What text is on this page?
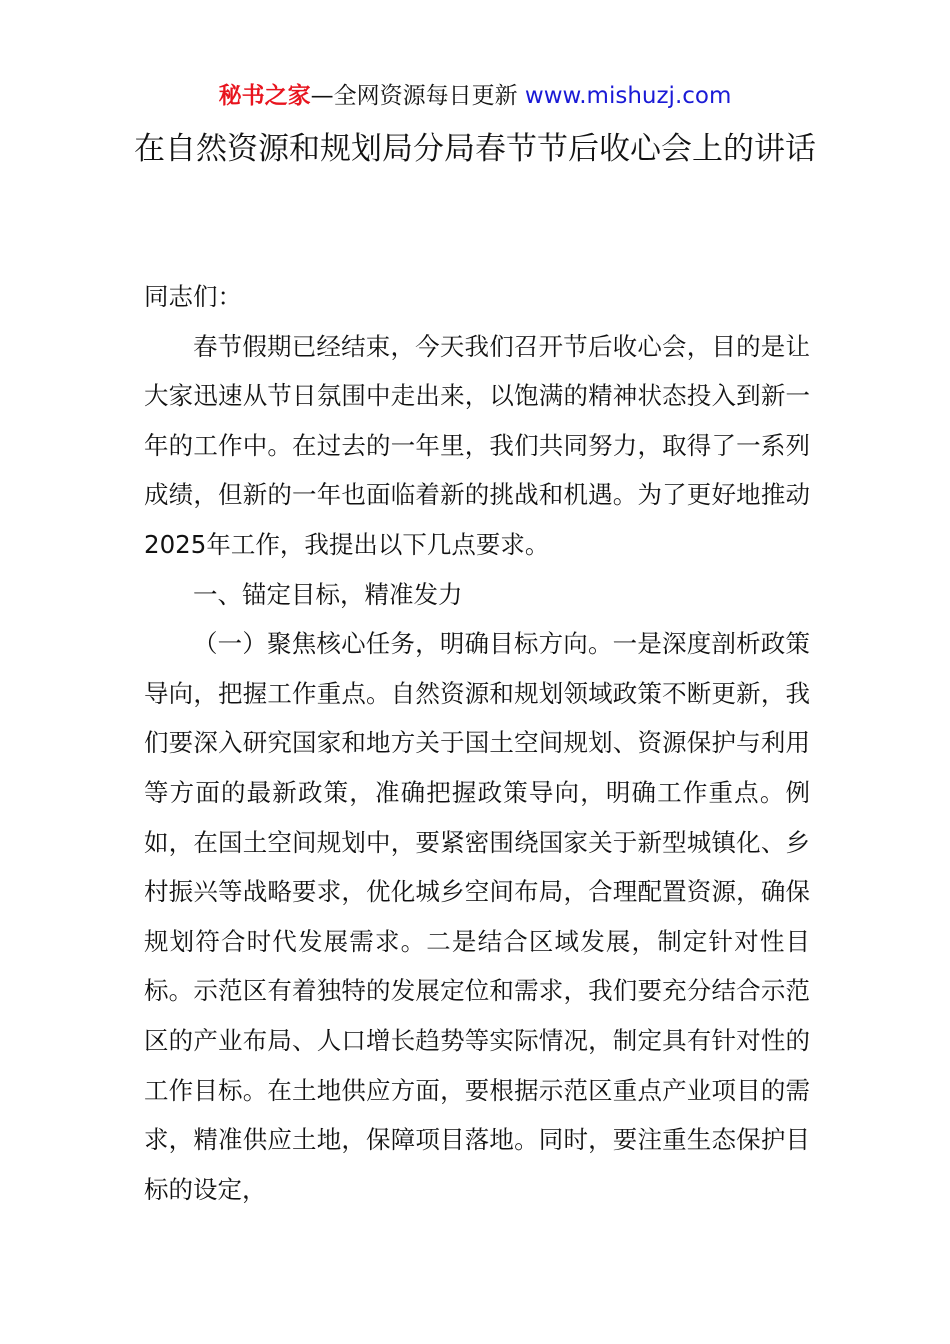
秘书之家—全网资源每日更新 www.mishuzj.com
在自然资源和规划局分局春节节后收心会上的讲话

同志们：

春节假期已经结束，今天我们召开节后收心会，目的是让大家迅速从节日氛围中走出来，以饱满的精神状态投入到新一年的工作中。在过去的一年里，我们共同努力，取得了一系列成绩，但新的一年也面临着新的挑战和机遇。为了更好地推动2025年工作，我提出以下几点要求。

一、锚定目标，精准发力

（一）聚焦核心任务，明确目标方向。一是深度剖析政策导向，把握工作重点。自然资源和规划领域政策不断更新，我们要深入研究国家和地方关于国土空间规划、资源保护与利用等方面的最新政策，准确把握政策导向，明确工作重点。例如，在国土空间规划中，要紧密围绕国家关于新型城镇化、乡村振兴等战略要求，优化城乡空间布局，合理配置资源，确保规划符合时代发展需求。二是结合区域发展，制定针对性目标。示范区有着独特的发展定位和需求，我们要充分结合示范区的产业布局、人口增长趋势等实际情况，制定具有针对性的工作目标。在土地供应方面，要根据示范区重点产业项目的需求，精准供应土地，保障项目落地。同时，要注重生态保护目标的设定，
